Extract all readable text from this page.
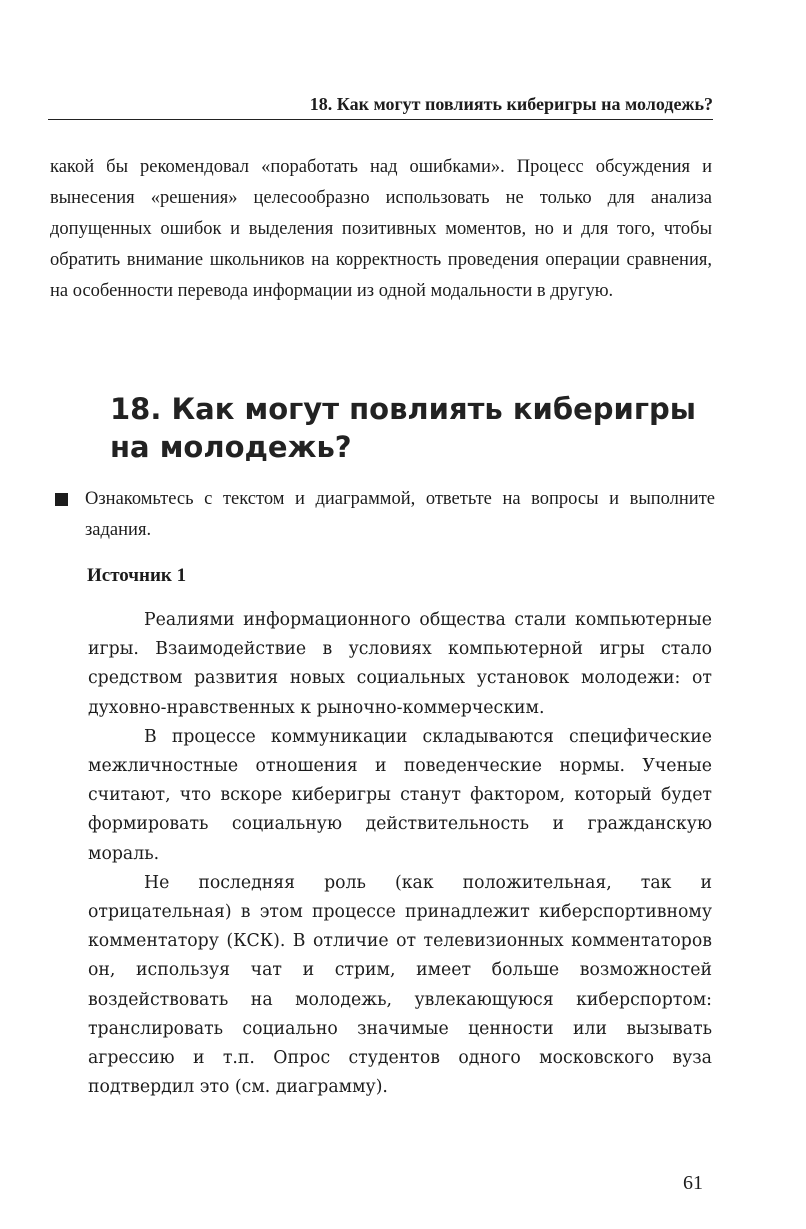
18. Как могут повлиять киберигры на молодежь?

какой бы рекомендовал «поработать над ошибками». Процесс обсуждения и вынесения «решения» целесообразно использовать не только для анализа допущенных ошибок и выделения позитивных моментов, но и для того, чтобы обратить внимание школьников на корректность проведения операции сравнения, на особенности перевода информации из одной модальности в другую.

18. Как могут повлиять киберигры на молодежь?

Ознакомьтесь с текстом и диаграммой, ответьте на вопросы и выполните задания.

Источник 1

Реалиями информационного общества стали компьютерные игры. Взаимодействие в условиях компьютерной игры стало средством развития новых социальных установок молодежи: от духовно-нравственных к рыночно-коммерческим.

В процессе коммуникации складываются специфические межличностные отношения и поведенческие нормы. Ученые считают, что вскоре киберигры станут фактором, который будет формировать социальную действительность и гражданскую мораль.

Не последняя роль (как положительная, так и отрицательная) в этом процессе принадлежит киберспортивному комментатору (КСК). В отличие от телевизионных комментаторов он, используя чат и стрим, имеет больше возможностей воздействовать на молодежь, увлекающуюся киберспортом: транслировать социально значимые ценности или вызывать агрессию и т.п. Опрос студентов одного московского вуза подтвердил это (см. диаграмму).

61
